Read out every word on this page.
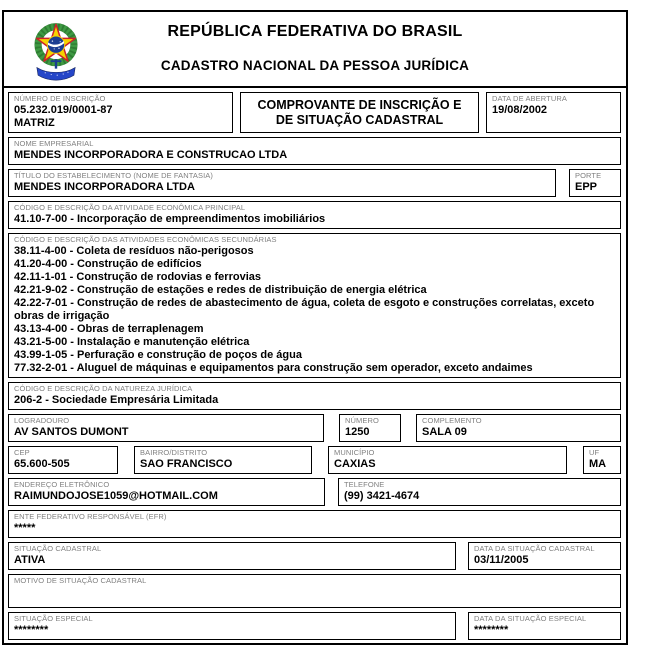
REPÚBLICA FEDERATIVA DO BRASIL
CADASTRO NACIONAL DA PESSOA JURÍDICA
NÚMERO DE INSCRIÇÃO
05.232.019/0001-87
MATRIZ
COMPROVANTE DE INSCRIÇÃO E DE SITUAÇÃO CADASTRAL
DATA DE ABERTURA
19/08/2002
NOME EMPRESARIAL
MENDES INCORPORADORA E CONSTRUCAO LTDA
TÍTULO DO ESTABELECIMENTO (NOME DE FANTASIA)
MENDES INCORPORADORA LTDA
PORTE
EPP
CÓDIGO E DESCRIÇÃO DA ATIVIDADE ECONÔMICA PRINCIPAL
41.10-7-00 - Incorporação de empreendimentos imobiliários
CÓDIGO E DESCRIÇÃO DAS ATIVIDADES ECONÔMICAS SECUNDÁRIAS
38.11-4-00 - Coleta de resíduos não-perigosos
41.20-4-00 - Construção de edifícios
42.11-1-01 - Construção de rodovias e ferrovias
42.21-9-02 - Construção de estações e redes de distribuição de energia elétrica
42.22-7-01 - Construção de redes de abastecimento de água, coleta de esgoto e construções correlatas, exceto obras de irrigação
43.13-4-00 - Obras de terraplenagem
43.21-5-00 - Instalação e manutenção elétrica
43.99-1-05 - Perfuração e construção de poços de água
77.32-2-01 - Aluguel de máquinas e equipamentos para construção sem operador, exceto andaimes
CÓDIGO E DESCRIÇÃO DA NATUREZA JURÍDICA
206-2 - Sociedade Empresária Limitada
LOGRADOURO
AV SANTOS DUMONT
NÚMERO
1250
COMPLEMENTO
SALA 09
CEP
65.600-505
BAIRRO/DISTRITO
SAO FRANCISCO
MUNICÍPIO
CAXIAS
UF
MA
ENDEREÇO ELETRÔNICO
RAIMUNDOJOSE1059@HOTMAIL.COM
TELEFONE
(99) 3421-4674
ENTE FEDERATIVO RESPONSÁVEL (EFR)
*****
SITUAÇÃO CADASTRAL
ATIVA
DATA DA SITUAÇÃO CADASTRAL
03/11/2005
MOTIVO DE SITUAÇÃO CADASTRAL
SITUAÇÃO ESPECIAL
********
DATA DA SITUAÇÃO ESPECIAL
********
